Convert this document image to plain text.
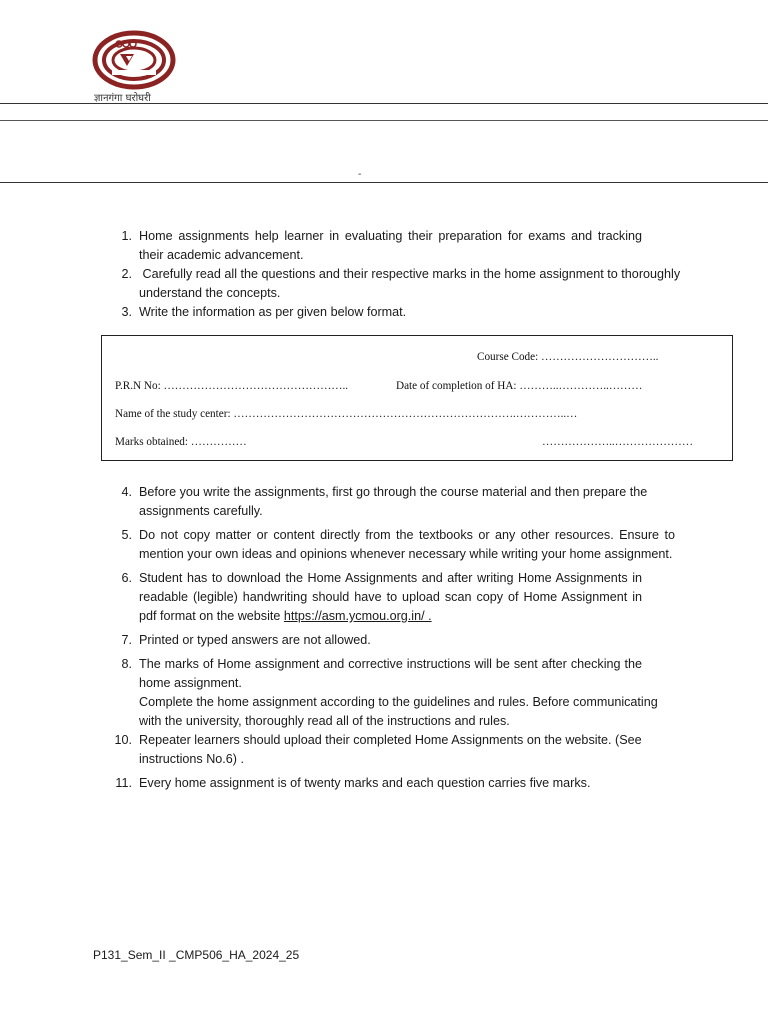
ज्ञानगंगा घरोघरी
-
1. Home assignments help learner in evaluating their preparation for exams and tracking their academic advancement.
2. Carefully read all the questions and their respective marks in the home assignment to thoroughly understand the concepts.
3. Write the information as per given below format.
Course Code: …………………………..
P.R.N No: …………………………………………..	Date of completion of HA: ………..…………..………
Name of the study center: ………………………………………………………………….…………..…
Marks obtained: ……………	………………..…………………
4. Before you write the assignments, first go through the course material and then prepare the assignments carefully.
5. Do not copy matter or content directly from the textbooks or any other resources. Ensure to mention your own ideas and opinions whenever necessary while writing your home assignment.
6. Student has to download the Home Assignments and after writing Home Assignments in readable (legible) handwriting should have to upload scan copy of Home Assignment in pdf format on the website https://asm.ycmou.org.in/ .
7. Printed or typed answers are not allowed.
8. The marks of Home assignment and corrective instructions will be sent after checking the home assignment.
Complete the home assignment according to the guidelines and rules. Before communicating with the university, thoroughly read all of the instructions and rules.
10. Repeater learners should upload their completed Home Assignments on the website. (See instructions No.6) .
11. Every home assignment is of twenty marks and each question carries five marks.
P131_Sem_II _CMP506_HA_2024_25
